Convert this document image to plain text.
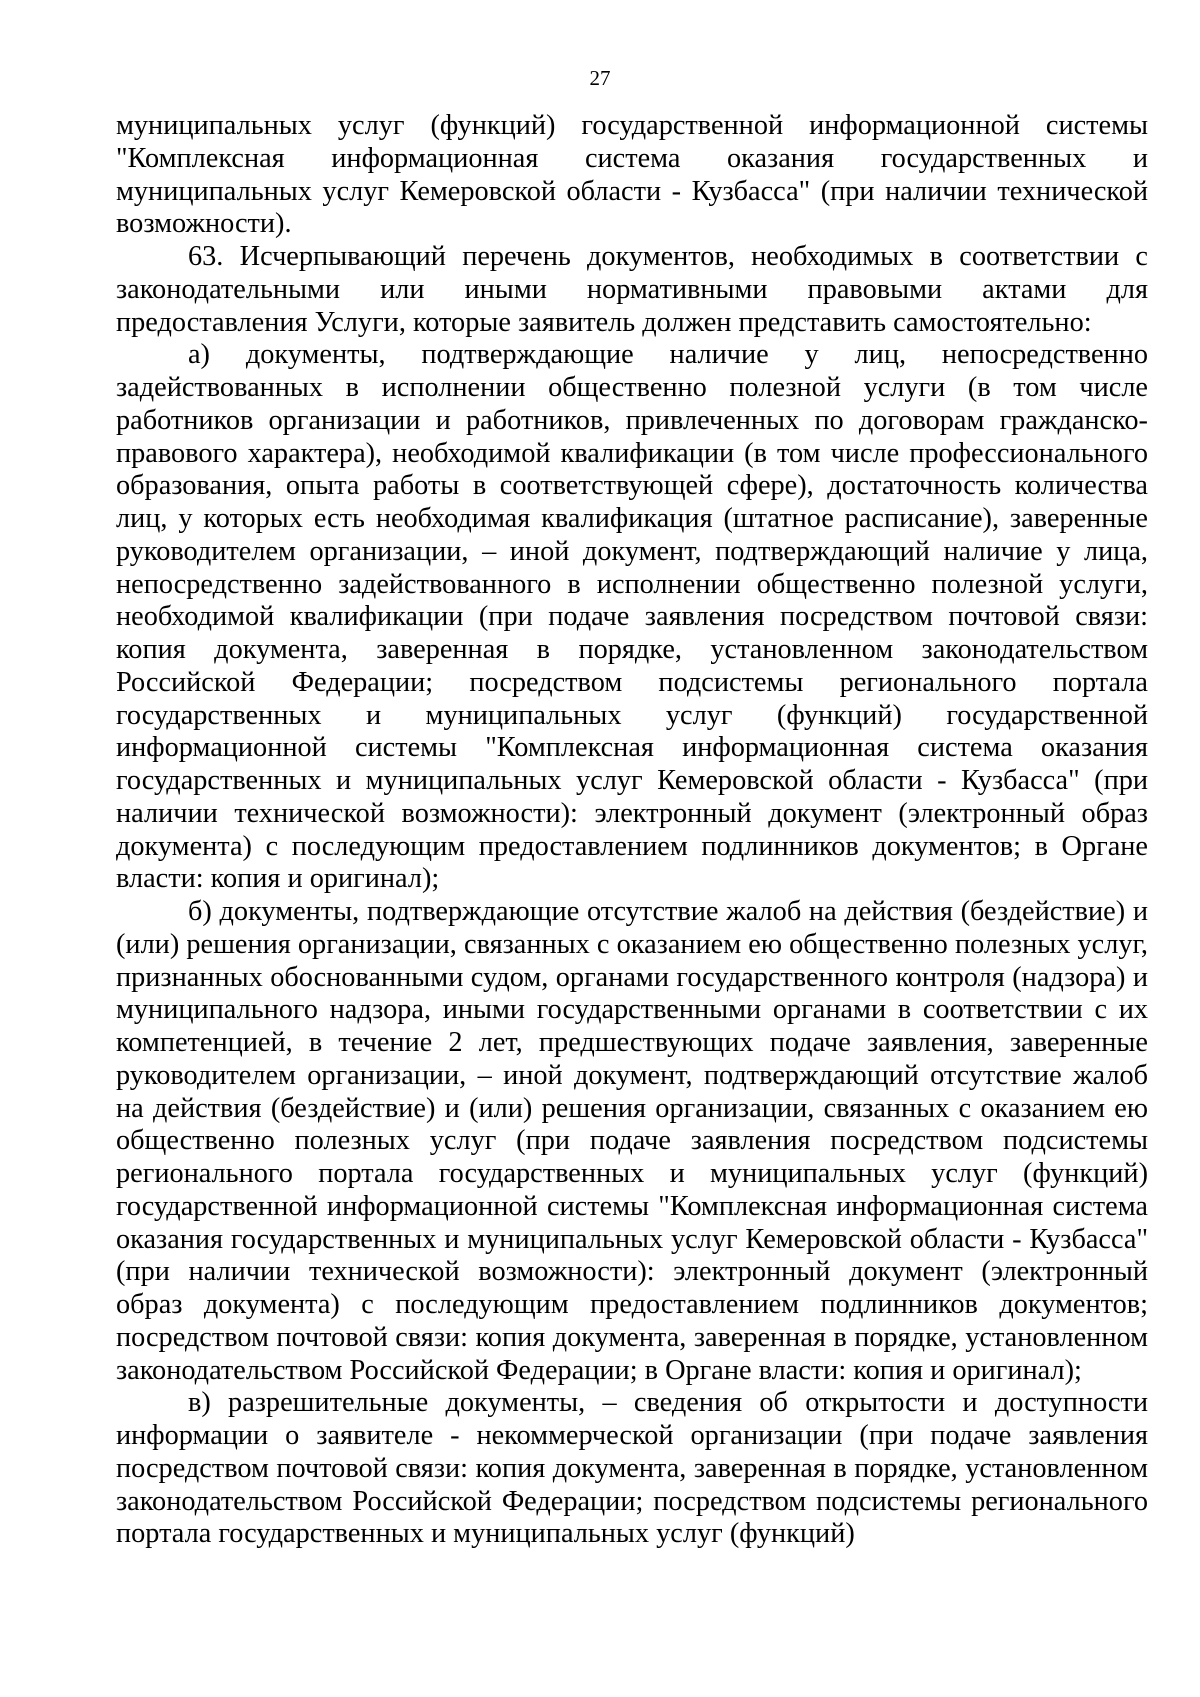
27

муниципальных услуг (функций) государственной информационной системы "Комплексная информационная система оказания государственных и муниципальных услуг Кемеровской области - Кузбасса" (при наличии технической возможности).

63. Исчерпывающий перечень документов, необходимых в соответствии с законодательными или иными нормативными правовыми актами для предоставления Услуги, которые заявитель должен представить самостоятельно:

а) документы, подтверждающие наличие у лиц, непосредственно задействованных в исполнении общественно полезной услуги (в том числе работников организации и работников, привлеченных по договорам гражданско-правового характера), необходимой квалификации (в том числе профессионального образования, опыта работы в соответствующей сфере), достаточность количества лиц, у которых есть необходимая квалификация (штатное расписание), заверенные руководителем организации, – иной документ, подтверждающий наличие у лица, непосредственно задействованного в исполнении общественно полезной услуги, необходимой квалификации (при подаче заявления посредством почтовой связи: копия документа, заверенная в порядке, установленном законодательством Российской Федерации; посредством подсистемы регионального портала государственных и муниципальных услуг (функций) государственной информационной системы "Комплексная информационная система оказания государственных и муниципальных услуг Кемеровской области - Кузбасса" (при наличии технической возможности): электронный документ (электронный образ документа) с последующим предоставлением подлинников документов; в Органе власти: копия и оригинал);

б) документы, подтверждающие отсутствие жалоб на действия (бездействие) и (или) решения организации, связанных с оказанием ею общественно полезных услуг, признанных обоснованными судом, органами государственного контроля (надзора) и муниципального надзора, иными государственными органами в соответствии с их компетенцией, в течение 2 лет, предшествующих подаче заявления, заверенные руководителем организации, – иной документ, подтверждающий отсутствие жалоб на действия (бездействие) и (или) решения организации, связанных с оказанием ею общественно полезных услуг (при подаче заявления посредством подсистемы регионального портала государственных и муниципальных услуг (функций) государственной информационной системы "Комплексная информационная система оказания государственных и муниципальных услуг Кемеровской области - Кузбасса" (при наличии технической возможности): электронный документ (электронный образ документа) с последующим предоставлением подлинников документов; посредством почтовой связи: копия документа, заверенная в порядке, установленном законодательством Российской Федерации; в Органе власти: копия и оригинал);

в) разрешительные документы, – сведения об открытости и доступности информации о заявителе - некоммерческой организации (при подаче заявления посредством почтовой связи: копия документа, заверенная в порядке, установленном законодательством Российской Федерации; посредством подсистемы регионального портала государственных и муниципальных услуг (функций)
